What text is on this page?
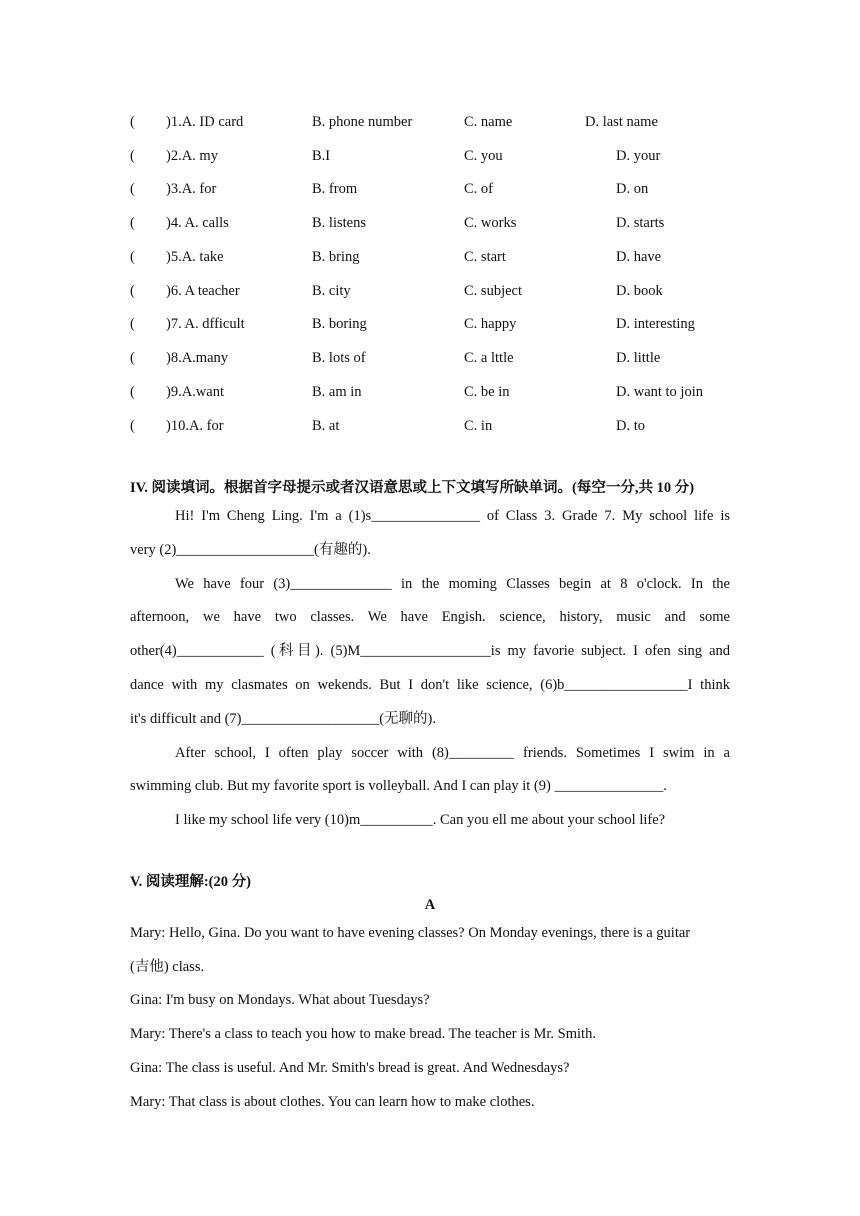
( )1.A. ID card	B. phone number	C. name	D. last name
( )2.A. my	B.I	C. you	D. your
( )3.A. for	B. from	C. of	D. on
( )4. A. calls	B. listens	C. works	D. starts
( )5.A. take	B. bring	C. start	D. have
( )6. A teacher	B. city	C. subject	D. book
( )7. A. dfficult	B. boring	C. happy	D. interesting
( )8.A.many	B. lots of	C. a lttle	D. little
( )9.A.want	B. am in	C. be in	D. want to join
( )10.A. for	B. at	C. in	D. to
IV. 阅读填词。根据首字母提示或者汉语意思或上下文填写所缺单词。(每空一分,共 10 分)
Hi! I'm Cheng Ling. I'm a (1)s_______________ of Class 3. Grade 7. My school life is
very (2)___________________(有趣的).
We have four (3)______________ in the moming Classes begin at 8 o'clock. In the
afternoon, we have two classes. We have Engish. science, history, music and some
other(4)____________ (科目). (5)M__________________is my favorie subject. I ofen sing and
dance with my clasmates on wekends. But I don't like science, (6)b_________________I think
it's difficult and (7)___________________(无聊的).
After school, I often play soccer with (8)_________ friends. Sometimes I swim in a
swimming club. But my favorite sport is volleyball. And I can play it (9) _______________.
I like my school life very (10)m__________. Can you ell me about your school life?
V. 阅读理解:(20 分)
A
Mary: Hello, Gina. Do you want to have evening classes? On Monday evenings, there is a guitar
(吉他) class.
Gina: I'm busy on Mondays. What about Tuesdays?
Mary: There's a class to teach you how to make bread. The teacher is Mr. Smith.
Gina: The class is useful. And Mr. Smith's bread is great. And Wednesdays?
Mary: That class is about clothes. You can learn how to make clothes.
